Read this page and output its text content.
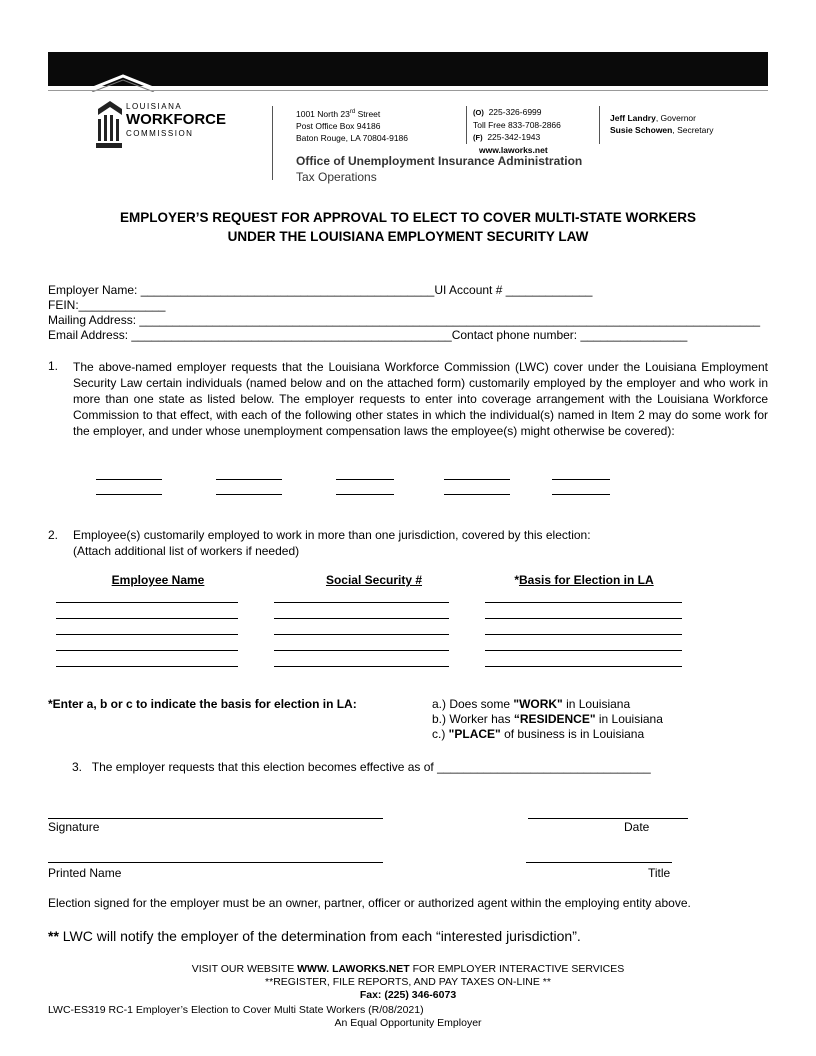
LOUISIANA
WORKFORCE
COMMISSION
1001 North 23rd Street
Post Office Box 94186
Baton Rouge, LA 70804-9186
(O) 225-326-6999
Toll Free 833-708-2866
(F) 225-342-1943
www.laworks.net
Jeff Landry, Governor
Susie Schowen, Secretary
Office of Unemployment Insurance Administration
Tax Operations
EMPLOYER’S REQUEST FOR APPROVAL TO ELECT TO COVER MULTI-STATE WORKERS
UNDER THE LOUISIANA EMPLOYMENT SECURITY LAW
Employer Name: ____________________________________________UI Account # _____________
FEIN:_____________
Mailing Address: _____________________________________________________________________________________________
Email Address: ________________________________________________Contact phone number: ________________
1. The above-named employer requests that the Louisiana Workforce Commission (LWC) cover under the Louisiana Employment Security Law certain individuals (named below and on the attached form) customarily employed by the employer and who work in more than one state as listed below. The employer requests to enter into coverage arrangement with the Louisiana Workforce Commission to that effect, with each of the following other states in which the individual(s) named in Item 2 may do some work for the employer, and under whose unemployment compensation laws the employee(s) might otherwise be covered):
2. Employee(s) customarily employed to work in more than one jurisdiction, covered by this election:
(Attach additional list of workers if needed)
Employee Name	Social Security #	*Basis for Election in LA
*Enter a, b or c to indicate the basis for election in LA:	a.) Does some "WORK" in Louisiana
b.) Worker has “RESIDENCE" in Louisiana
c.) "PLACE" of business is in Louisiana
3.   The employer requests that this election becomes effective as of ________________________________
Signature	Date
Printed Name	Title
Election signed for the employer must be an owner, partner, officer or authorized agent within the employing entity above.
** LWC will notify the employer of the determination from each “interested jurisdiction”.
VISIT OUR WEBSITE WWW. LAWORKS.NET FOR EMPLOYER INTERACTIVE SERVICES
**REGISTER, FILE REPORTS, AND PAY TAXES ON-LINE **
Fax: (225) 346-6073
LWC-ES319 RC-1 Employer’s Election to Cover Multi State Workers (R/08/2021)
An Equal Opportunity Employer
